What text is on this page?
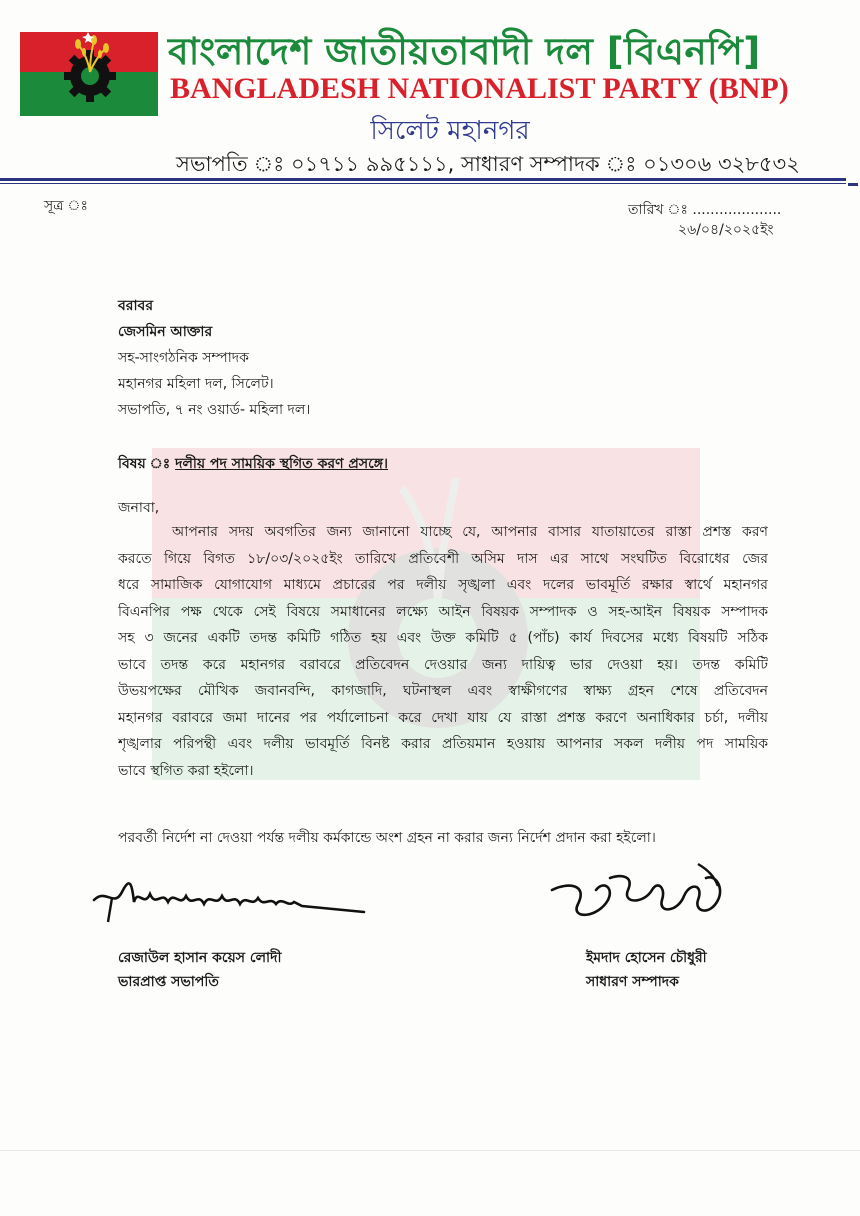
বাংলাদেশ জাতীয়তাবাদী দল [বিএনপি]
BANGLADESH NATIONALIST PARTY (BNP)
সিলেট মহানগর
সভাপতি ঃ ০১৭১১ ৯৯৫১১১, সাধারণ সম্পাদক ঃ ০১৩০৬ ৩২৮৫৩২
সূত্র ঃ	তারিখ ঃ ....................
২৬/০৪/২০২৫ইং
বরাবর
জেসমিন আক্তার
সহ-সাংগঠনিক সম্পাদক
মহানগর মহিলা দল, সিলেট।
সভাপতি, ৭ নং ওয়ার্ড- মহিলা দল।
বিষয় ঃ দলীয় পদ সাময়িক স্থগিত করণ প্রসঙ্গে।
জনাবা,
আপনার সদয় অবগতির জন্য জানানো যাচ্ছে যে, আপনার বাসার যাতায়াতের রাস্তা প্রশস্ত করণ
করতে গিয়ে বিগত ১৮/০৩/২০২৫ইং তারিখে প্রতিবেশী অসিম দাস এর সাথে সংঘটিত বিরোধের জের
ধরে সামাজিক যোগাযোগ মাধ্যমে প্রচারের পর দলীয় সৃঙ্খলা এবং দলের ভাবমূর্তি রক্ষার স্বার্থে মহানগর
বিএনপির পক্ষ থেকে সেই বিষয়ে সমাধানের লক্ষ্যে আইন বিষয়ক সম্পাদক ও সহ-আইন বিষয়ক সম্পাদক
সহ ৩ জনের একটি তদন্ত কমিটি গঠিত হয় এবং উক্ত কমিটি ৫ (পাঁচ) কার্য দিবসের মধ্যে বিষয়টি সঠিক
ভাবে তদন্ত করে মহানগর বরাবরে প্রতিবেদন দেওয়ার জন্য দায়িত্ব ভার দেওয়া হয়। তদন্ত কমিটি
উভয়পক্ষের মৌখিক জবানবন্দি, কাগজাদি, ঘটনাস্থল এবং স্বাক্ষীগণের স্বাক্ষ্য গ্রহন শেষে প্রতিবেদন
মহানগর বরাবরে জমা দানের পর পর্যালোচনা করে দেখা যায় যে রাস্তা প্রশস্ত করণে অনাধিকার চর্চা, দলীয়
শৃঙ্খলার পরিপন্থী এবং দলীয় ভাবমূর্তি বিনষ্ট করার প্রতিয়মান হওয়ায় আপনার সকল দলীয় পদ সাময়িক
ভাবে স্থগিত করা হইলো।
পরবর্তী নির্দেশ না দেওয়া পর্যন্ত দলীয় কর্মকান্ডে অংশ গ্রহন না করার জন্য নির্দেশ প্রদান করা হইলো।
রেজাউল হাসান কয়েস লোদী
ভারপ্রাপ্ত সভাপতি
ইমদাদ হোসেন চৌধুরী
সাধারণ সম্পাদক
